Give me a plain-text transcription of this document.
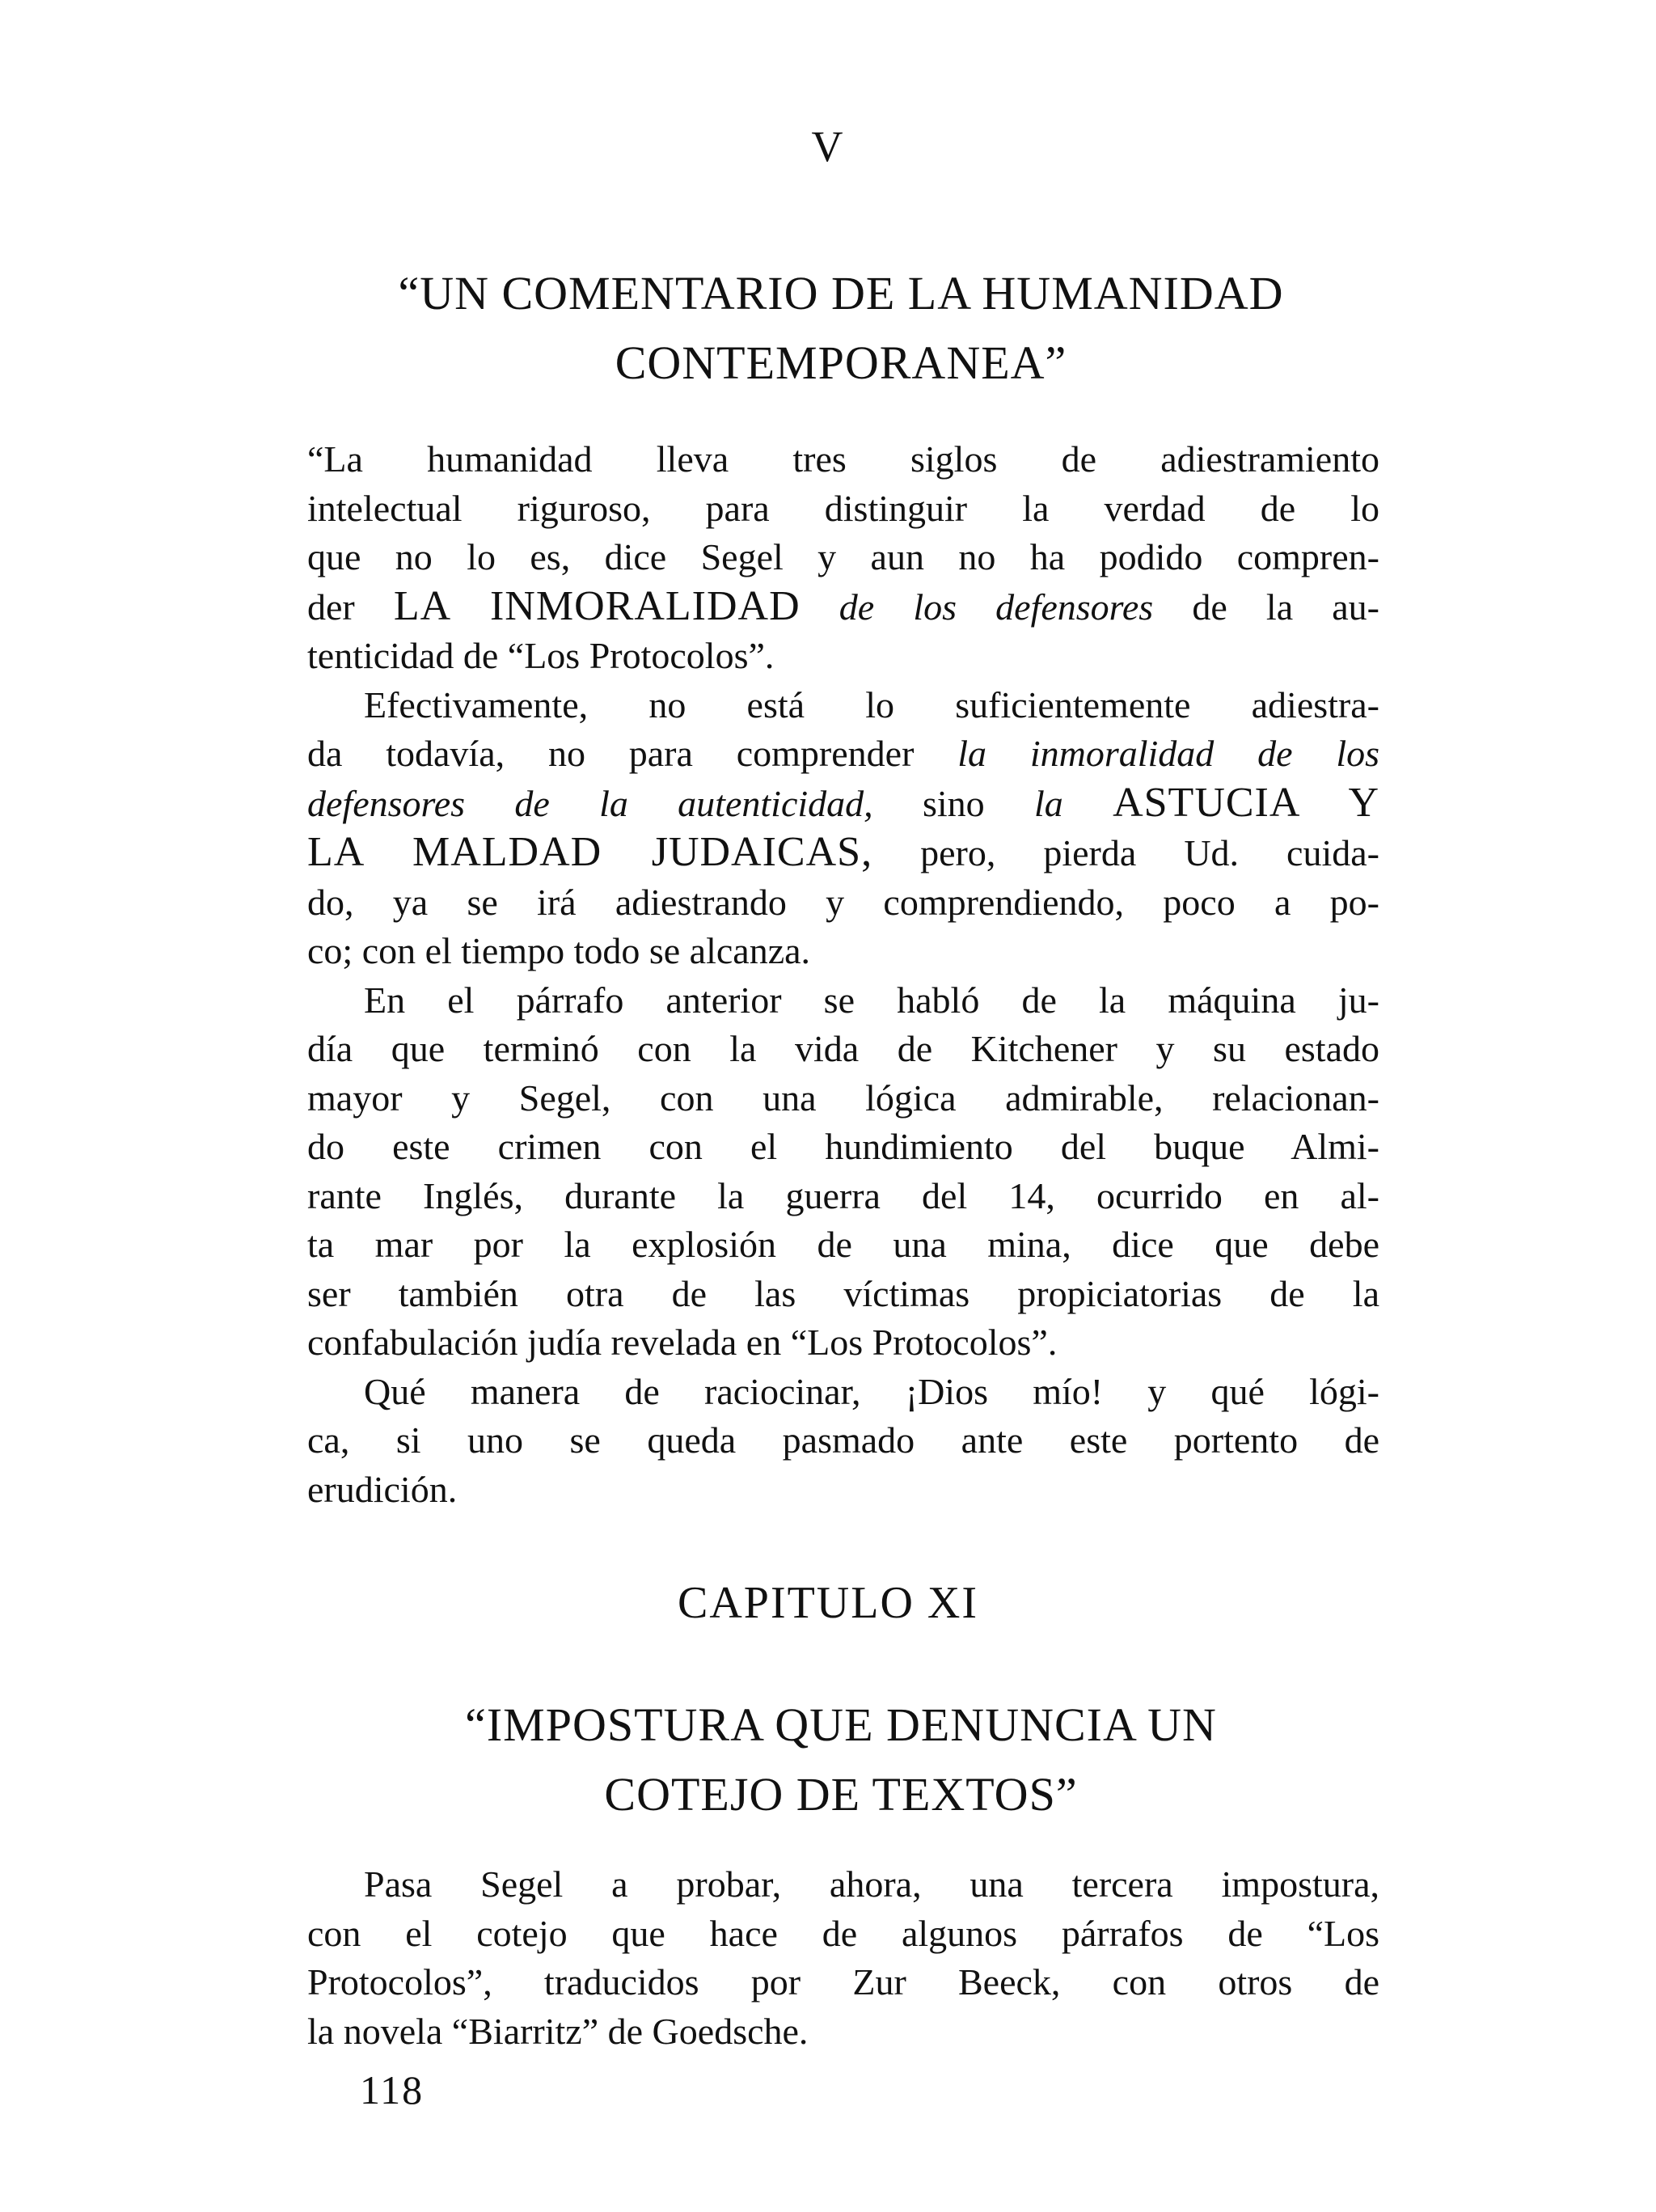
V
“UN COMENTARIO DE LA HUMANIDAD
CONTEMPORANEA”

“La humanidad lleva tres siglos de adiestramiento
intelectual riguroso, para distinguir la verdad de lo
que no lo es, dice Segel y aun no ha podido compren-
der LA INMORALIDAD de los defensores de la au-
tenticidad de “Los Protocolos”.

Efectivamente, no está lo suficientemente adiestra-
da todavía, no para comprender la inmoralidad de los
defensores de la autenticidad, sino la ASTUCIA Y
LA MALDAD JUDAICAS, pero, pierda Ud. cuida-
do, ya se irá adiestrando y comprendiendo, poco a po-
co; con el tiempo todo se alcanza.

En el párrafo anterior se habló de la máquina ju-
día que terminó con la vida de Kitchener y su estado
mayor y Segel, con una lógica admirable, relacionan-
do este crimen con el hundimiento del buque Almi-
rante Inglés, durante la guerra del 14, ocurrido en al-
ta mar por la explosión de una mina, dice que debe
ser también otra de las víctimas propiciatorias de la
confabulación judía revelada en “Los Protocolos”.

Qué manera de raciocinar, ¡Dios mío! y qué lógi-
ca, si uno se queda pasmado ante este portento de
erudición.

CAPITULO XI
“IMPOSTURA QUE DENUNCIA UN
COTEJO DE TEXTOS”

Pasa Segel a probar, ahora, una tercera impostura,
con el cotejo que hace de algunos párrafos de “Los
Protocolos”, traducidos por Zur Beeck, con otros de
la novela “Biarritz” de Goedsche.

118
